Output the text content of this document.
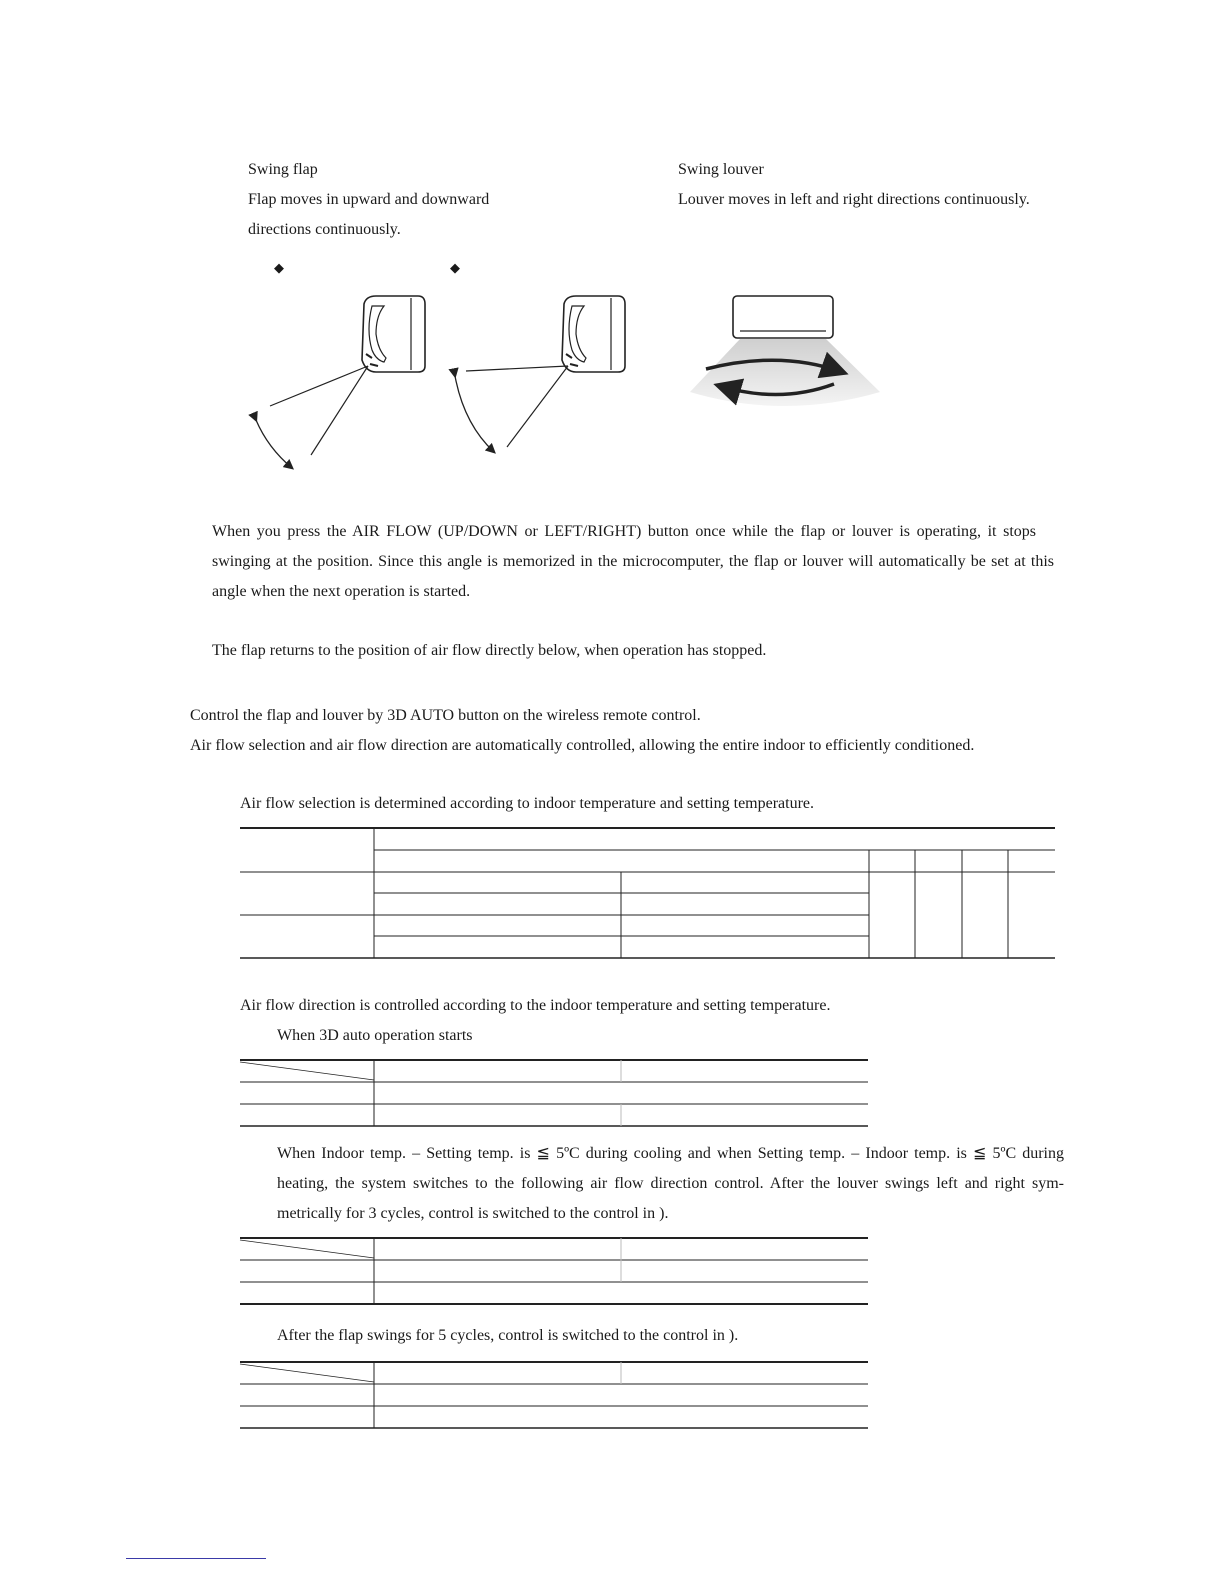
Swing flap
Flap moves in upward and downward
directions continuously.
Swing louver
Louver moves in left and right directions continuously.
◆	◆
When you press the AIR FLOW (UP/DOWN or LEFT/RIGHT) button once while the flap or louver is operating, it stops
swinging at the position. Since this angle is memorized in the microcomputer, the flap or louver will automatically be set at this
angle when the next operation is started.
The flap returns to the position of air flow directly below, when operation has stopped.
Control the flap and louver by 3D AUTO button on the wireless remote control.
Air flow selection and air flow direction are automatically controlled, allowing the entire indoor to efficiently conditioned.
Air flow selection is determined according to indoor temperature and setting temperature.
Air flow direction is controlled according to the indoor temperature and setting temperature.
When 3D auto operation starts
When Indoor temp. – Setting temp. is ≦ 5ºC during cooling and when Setting temp. – Indoor temp. is ≦ 5ºC during
heating, the system switches to the following air flow direction control. After the louver swings left and right sym-
metrically for 3 cycles, control is switched to the control in ).
After the flap swings for 5 cycles, control is switched to the control in ).
